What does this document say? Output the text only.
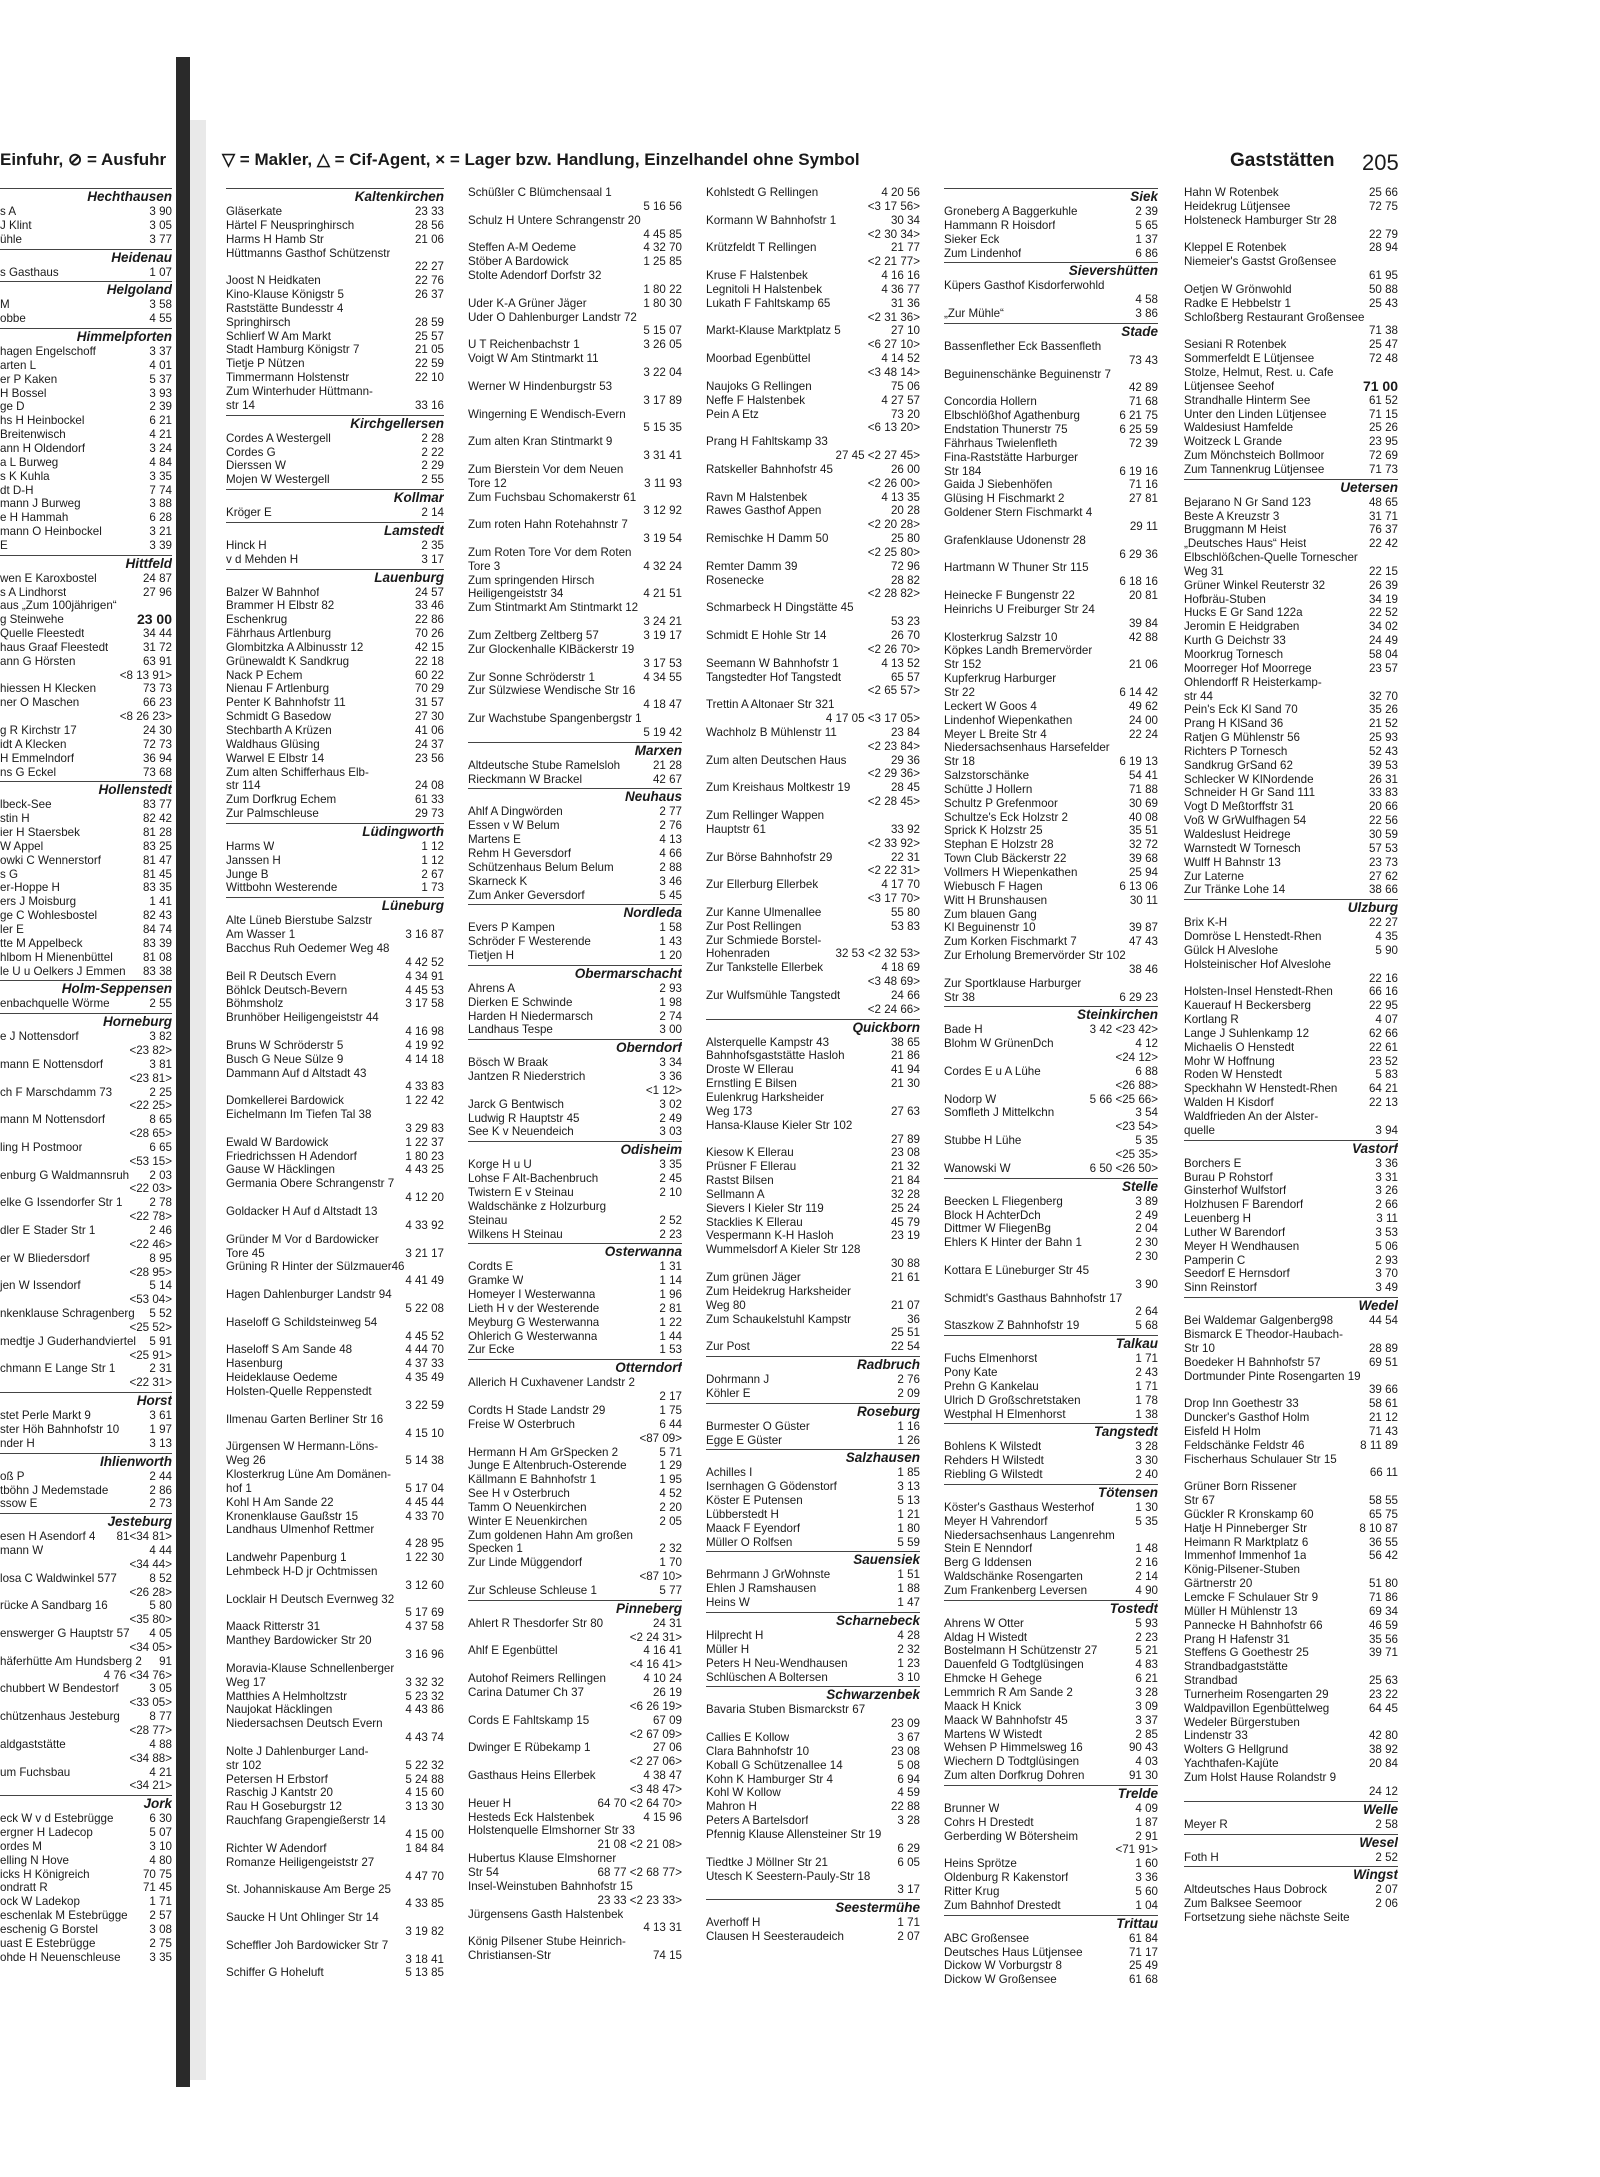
Einfuhr, ⊘ = Ausfuhr	▽ = Makler, △ = Cif-Agent, × = Lager bzw. Handlung, Einzelhandel ohne Symbol	Gaststätten 205
Hechthausen
s A	3 90
J Klint	3 05
ühle	3 77
Heidenau
s Gasthaus	1 07
Helgoland
M	3 58
obbe	4 55
Himmelpforten
hagen Engelschoff	3 37
arten L	4 01
er P Kaken	5 37
H Bossel	3 93
ge D	2 39
hs H Heinbockel	6 21
Breitenwisch	4 21
ann H Oldendorf	3 24
a L Burweg	4 84
s K Kuhla	3 35
dt D-H	7 74
mann J Burweg	3 88
e H Hammah	6 28
mann O Heinbockel	3 21
E	3 39
Hittfeld
wen E Karoxbostel	24 87
s A Lindhorst	27 96
aus „Zum 100jährigen“
g Steinwehe	23 00
Quelle Fleestedt	34 44
haus Graaf Fleestedt	31 72
ann G Hörsten	63 91
<8 13 91>
hiessen H Klecken	73 73
ner O Maschen	66 23
<8 26 23>
g R Kirchstr 17	24 30
idt A Klecken	72 73
H Emmelndorf	36 94
ns G Eckel	73 68
Hollenstedt
lbeck-See	83 77
stin H	82 42
ier H Staersbek	81 28
W Appel	83 25
owki C Wennerstorf	81 47
s G	81 45
er-Hoppe H	83 35
ers J Moisburg	1 41
ge C Wohlesbostel	82 43
ler E	84 74
tte M Appelbeck	83 39
hlbom H Mienenbüttel	81 08
le U u Oelkers J Emmen	83 38
Holm-Seppensen
enbachquelle Wörme	2 55
Horneburg
e J Nottensdorf	3 82
<23 82>
mann E Nottensdorf	3 81
<23 81>
ch F Marschdamm 73	2 25
<22 25>
mann M Nottensdorf	8 65
<28 65>
ling H Postmoor	6 65
<53 15>
enburg G Waldmannsruh	2 03
<22 03>
elke G Issendorfer Str 1	2 78
<22 78>
dler E Stader Str 1	2 46
<22 46>
er W Bliedersdorf	8 95
<28 95>
jen W Issendorf	5 14
<53 04>
nkenklause Schragenberg	5 52
<25 52>
medtje J Guderhandviertel	5 91
<25 91>
chmann E Lange Str 1	2 31
<22 31>
Horst
stet Perle Markt 9	3 61
ster Höh Bahnhofstr 10	1 97
nder H	3 13
Ihlienworth
oß P	2 44
tböhn J Medemstade	2 86
ssow E	2 73
Jesteburg
esen H Asendorf 4	81<34 81>
mann W	4 44
<34 44>
losa C Waldwinkel 577	8 52
<26 28>
rücke A Sandbarg 16	5 80
<35 80>
enswerger G Hauptstr 57	4 05
<34 05>
häferhütte Am Hundsberg 2	91
4 76 <34 76>
chubbert W Bendestorf	3 05
<33 05>
chützenhaus Jesteburg	8 77
<28 77>
aldgaststätte	4 88
<34 88>
um Fuchsbau	4 21
<34 21>
Jork
eck W v d Estebrügge	6 30
ergner H Ladecop	5 07
ordes M	3 10
elling N Hove	4 80
icks H Königreich	70 75
ondratt R	71 45
ock W Ladekop	1 71
eschenlak M Estebrügge	2 57
eschenig G Borstel	3 08
uast E Estebrügge	2 75
ohde H Neuenschleuse	3 35
Kaltenkirchen
Gläserkate	23 33
Härtel F Neuspringhirsch	28 56
Harms H Hamb Str	21 06
Hüttmanns Gasthof Schützenstr
22 27
Joost N Heidkaten	22 76
Kino-Klause Königstr 5	26 37
Raststätte Bundesstr 4
Springhirsch	28 59
Schlierf W Am Markt	25 57
Stadt Hamburg Königstr 7	21 05
Tietje P Nützen	22 59
Timmermann Holstenstr	22 10
Zum Winterhuder Hüttmann-
str 14	33 16
Kirchgellersen
Cordes A Westergell	2 28
Cordes G	2 22
Dierssen W	2 29
Mojen W Westergell	2 55
Kollmar
Kröger E	2 14
Lamstedt
Hinck H	2 35
v d Mehden H	3 17
Lauenburg
Balzer W Bahnhof	24 57
Brammer H Elbstr 82	33 46
Eschenkrug	22 86
Fährhaus Artlenburg	70 26
Glombitzka A Albinusstr 12	42 15
Grünewaldt K Sandkrug	22 18
Nack P Echem	60 22
Nienau F Artlenburg	70 29
Penter K Bahnhofstr 11	31 57
Schmidt G Basedow	27 30
Stechbarth A Krüzen	41 06
Waldhaus Glüsing	24 37
Warwel E Elbstr 14	23 56
Zum alten Schifferhaus Elb-
str 114	24 08
Zum Dorfkrug Echem	61 33
Zur Palmschleuse	29 73
Lüdingworth
Harms W	1 12
Janssen H	1 12
Junge B	2 67
Wittbohn Westerende	1 73
Lüneburg
Alte Lüneb Bierstube Salzstr
Am Wasser 1	3 16 87
Bacchus Ruh Oedemer Weg 48
4 42 52
Beil R Deutsch Evern	4 34 91
Böhlck Deutsch-Bevern	4 45 53
Böhmsholz	3 17 58
Brunhöber Heiligengeiststr 44
4 16 98
Bruns W Schröderstr 5	4 19 92
Busch G Neue Sülze 9	4 14 18
Dammann Auf d Altstadt 43
4 33 83
Domkellerei Bardowick	1 22 42
Eichelmann Im Tiefen Tal 38
3 29 83
Ewald W Bardowick	1 22 37
Friedrichssen H Adendorf	1 80 23
Gause W Häcklingen	4 43 25
Germania Obere Schrangenstr 7
4 12 20
Goldacker H Auf d Altstadt 13
4 33 92
Gründer M Vor d Bardowicker
Tore 45	3 21 17
Grüning R Hinter der Sülzmauer46
4 41 49
Hagen Dahlenburger Landstr 94
5 22 08
Haseloff G Schildsteinweg 54
4 45 52
Haseloff S Am Sande 48	4 44 70
Hasenburg	4 37 33
Heideklause Oedeme	4 35 49
Holsten-Quelle Reppenstedt
3 22 59
Ilmenau Garten Berliner Str 16
4 15 10
Jürgensen W Hermann-Löns-
Weg 26	5 14 38
Klosterkrug Lüne Am Domänen-
hof 1	5 17 04
Kohl H Am Sande 22	4 45 44
Kronenklause Gaußstr 15	4 33 70
Landhaus Ulmenhof Rettmer
4 28 95
Landwehr Papenburg 1	1 22 30
Lehmbeck H-D jr Ochtmissen
3 12 60
Locklair H Deutsch Evernweg 32
5 17 69
Maack Ritterstr 31	4 37 58
Manthey Bardowicker Str 20
3 16 96
Moravia-Klause Schnellenberger
Weg 17	3 32 32
Matthies A Helmholtzstr	5 23 32
Naujokat Häcklingen	4 43 86
Niedersachsen Deutsch Evern
4 43 74
Nolte J Dahlenburger Land-
str 102	5 22 32
Petersen H Erbstorf	5 24 88
Raschig J Kantstr 20	4 15 60
Rau H Goseburgstr 12	3 13 30
Rauchfang Grapengießerstr 14
4 15 00
Richter W Adendorf	1 84 84
Romanze Heiligengeiststr 27
4 47 70
St. Johanniskause Am Berge 25
4 33 85
Saucke H Unt Ohlinger Str 14
3 19 82
Scheffler Joh Bardowicker Str 7
3 18 41
Schiffer G Hoheluft	5 13 85
Schüßler C Blümchensaal 1
5 16 56
Schulz H Untere Schrangenstr 20
4 45 85
Steffen A-M Oedeme	4 32 70
Stöber A Bardowick	1 25 85
Stolte Adendorf Dorfstr 32
1 80 22
Uder K-A Grüner Jäger	1 80 30
Uder O Dahlenburger Landstr 72
5 15 07
U T Reichenbachstr 1	3 26 05
Voigt W Am Stintmarkt 11
3 22 04
Werner W Hindenburgstr 53
3 17 89
Wingerning E Wendisch-Evern
5 15 35
Zum alten Kran Stintmarkt 9
3 31 41
Zum Bierstein Vor dem Neuen
Tore 12	3 11 93
Zum Fuchsbau Schomakerstr 61
3 12 92
Zum roten Hahn Rotehahnstr 7
3 19 54
Zum Roten Tore Vor dem Roten
Tore 3	4 32 24
Zum springenden Hirsch
Heiligengeiststr 34	4 21 51
Zum Stintmarkt Am Stintmarkt 12
3 24 21
Zum Zeltberg Zeltberg 57	3 19 17
Zur Glockenhalle KlBäckerstr 19
3 17 53
Zur Sonne Schröderstr 1	4 34 55
Zur Sülzwiese Wendische Str 16
4 18 47
Zur Wachstube Spangenbergstr 1
5 19 42
Marxen
Altdeutsche Stube Ramelsloh	21 28
Rieckmann W Brackel	42 67
Neuhaus
Ahlf A Dingwörden	2 77
Essen v W Belum	2 76
Martens E	4 13
Rehm H Geversdorf	4 66
Schützenhaus Belum Belum	2 88
Skarneck K	3 46
Zum Anker Geversdorf	5 45
Nordleda
Evers P Kampen	1 58
Schröder F Westerende	1 43
Tietjen H	1 20
Obermarschacht
Ahrens A	2 93
Dierken E Schwinde	1 98
Harden H Niedermarsch	2 74
Landhaus Tespe	3 00
Oberndorf
Bösch W Braak	3 34
Jantzen R Niederstrich	3 36
<1 12>
Jarck G Bentwisch	3 02
Ludwig R Hauptstr 45	2 49
See K v Neuendeich	3 03
Odisheim
Korge H u U	3 35
Lohse F Alt-Bachenbruch	2 45
Twistern E v Steinau	2 10
Waldschänke z Holzurburg
Steinau	2 52
Wilkens H Steinau	2 23
Osterwanna
Cordts E	1 31
Gramke W	1 14
Homeyer I Westerwanna	1 96
Lieth H v der Westerende	2 81
Meyburg G Westerwanna	1 22
Ohlerich G Westerwanna	1 44
Zur Ecke	1 53
Otterndorf
Allerich H Cuxhavener Landstr 2
2 17
Cordts H Stade Landstr 29	1 75
Freise W Osterbruch	6 44
<87 09>
Hermann H Am GrSpecken 2	5 71
Junge E Altenbruch-Osterende	1 29
Källmann E Bahnhofstr 1	1 95
See H v Osterbruch	4 52
Tamm O Neuenkirchen	2 20
Winter E Neuenkirchen	2 05
Zum goldenen Hahn Am großen
Specken 1	2 32
Zur Linde Müggendorf	1 70
<87 10>
Zur Schleuse Schleuse 1	5 77
Pinneberg
Ahlert R Thesdorfer Str 80	24 31
<2 24 31>
Ahlf E Egenbüttel	4 16 41
<4 16 41>
Autohof Reimers Rellingen	4 10 24
Carina Datumer Ch 37	26 19
<6 26 19>
Cords E Fahltskamp 15	67 09
<2 67 09>
Dwinger E Rübekamp 1	27 06
<2 27 06>
Gasthaus Heins Ellerbek	4 38 47
<3 48 47>
Heuer H	64 70 <2 64 70>
Hesteds Eck Halstenbek	4 15 96
Holstenquelle Elmshorner Str 33
21 08 <2 21 08>
Hubertus Klause Elmshorner
Str 54	68 77 <2 68 77>
Insel-Weinstuben Bahnhofstr 15
23 33 <2 23 33>
Jürgensens Gasth Halstenbek
4 13 31
König Pilsener Stube Heinrich-
Christiansen-Str	74 15
Kohlstedt G Rellingen	4 20 56
<3 17 56>
Kormann W Bahnhofstr 1	30 34
<2 30 34>
Krützfeldt T Rellingen	21 77
<2 21 77>
Kruse F Halstenbek	4 16 16
Legnitoli H Halstenbek	4 36 77
Lukath F Fahltskamp 65	31 36
<2 31 36>
Markt-Klause Marktplatz 5	27 10
<6 27 10>
Moorbad Egenbüttel	4 14 52
<3 48 14>
Naujoks G Rellingen	75 06
Neffe F Halstenbek	4 27 57
Pein A Etz	73 20
<6 13 20>
Prang H Fahltskamp 33
27 45 <2 27 45>
Ratskeller Bahnhofstr 45	26 00
<2 26 00>
Ravn M Halstenbek	4 13 35
Rawes Gasthof Appen	20 28
<2 20 28>
Remischke H Damm 50	25 80
<2 25 80>
Remter Damm 39	72 96
Rosenecke	28 82
<2 28 82>
Schmarbeck H Dingstätte 45
53 23
Schmidt E Hohle Str 14	26 70
<2 26 70>
Seemann W Bahnhofstr 1	4 13 52
Tangstedter Hof Tangstedt	65 57
<2 65 57>
Trettin A Altonaer Str 321
4 17 05 <3 17 05>
Wachholz B Mühlenstr 11	23 84
<2 23 84>
Zum alten Deutschen Haus	29 36
<2 29 36>
Zum Kreishaus Moltkestr 19	28 45
<2 28 45>
Zum Rellinger Wappen
Hauptstr 61	33 92
<2 33 92>
Zur Börse Bahnhofstr 29	22 31
<2 22 31>
Zur Ellerburg Ellerbek	4 17 70
<3 17 70>
Zur Kanne Ulmenallee	55 80
Zur Post Rellingen	53 83
Zur Schmiede Borstel-
Hohenraden	32 53 <2 32 53>
Zur Tankstelle Ellerbek	4 18 69
<3 48 69>
Zur Wulfsmühle Tangstedt	24 66
<2 24 66>
Quickborn
Alsterquelle Kampstr 43	38 65
Bahnhofsgaststätte Hasloh	21 86
Droste W Ellerau	41 94
Ernstling E Bilsen	21 30
Eulenkrug Harksheider
Weg 173	27 63
Hansa-Klause Kieler Str 102
27 89
Kiesow K Ellerau	23 08
Prüsner F Ellerau	21 32
Rastst Bilsen	21 84
Sellmann A	32 28
Sievers I Kieler Str 119	25 24
Stacklies K Ellerau	45 79
Vespermann K-H Hasloh	23 19
Wummelsdorf A Kieler Str 128
30 88
Zum grünen Jäger	21 61
Zum Heidekrug Harksheider
Weg 80	21 07
Zum Schaukelstuhl Kampstr	36
25 51
Zur Post	22 54
Radbruch
Dohrmann J	2 76
Köhler E	2 09
Roseburg
Burmester O Güster	1 16
Egge E Güster	1 26
Salzhausen
Achilles I	1 85
Isernhagen G Gödenstorf	3 13
Köster E Putensen	5 13
Lübberstedt H	1 21
Maack F Eyendorf	1 80
Müller O Rolfsen	5 59
Sauensiek
Behrmann J GrWohnste	1 51
Ehlen J Ramshausen	1 88
Heins W	1 47
Scharnebeck
Hilprecht H	4 28
Müller H	2 32
Peters H Neu-Wendhausen	1 23
Schlüschen A Boltersen	3 10
Schwarzenbek
Bavaria Stuben Bismarckstr 67
23 09
Callies E Kollow	3 67
Clara Bahnhofstr 10	23 08
Koball G Schützenallee 14	5 08
Kohn K Hamburger Str 4	6 94
Kohl W Kollow	4 59
Mahron H	22 88
Peters A Bartelsdorf	3 28
Pfennig Klause Allensteiner Str 19
6 29
Tiedtke J Möllner Str 21	6 05
Utesch K Seestern-Pauly-Str 18
3 17
Seestermühe
Averhoff H	1 71
Clausen H Seesteraudeich	2 07
Siek
Groneberg A Baggerkuhle	2 39
Hammann R Hoisdorf	5 65
Sieker Eck	1 37
Zum Lindenhof	6 86
Sievershütten
Küpers Gasthof Kisdorferwohld
4 58
„Zur Mühle“	3 86
Stade
Bassenflether Eck Bassenfleth
73 43
Beguinenschänke Beguinenstr 7
42 89
Concordia Hollern	71 68
Elbschlößhof Agathenburg	6 21 75
Endstation Thunerstr 75	6 25 59
Fährhaus Twielenfleth	72 39
Fina-Raststätte Harburger
Str 184	6 19 16
Gaida J Siebenhöfen	71 16
Glüsing H Fischmarkt 2	27 81
Goldener Stern Fischmarkt 4
29 11
Grafenklause Udonenstr 28
6 29 36
Hartmann W Thuner Str 115
6 18 16
Heinecke F Bungenstr 22	20 81
Heinrichs U Freiburger Str 24
39 84
Klosterkrug Salzstr 10	42 88
Köpkes Landh Bremervörder
Str 152	21 06
Kupferkrug Harburger
Str 22	6 14 42
Leckert W Goos 4	49 62
Lindenhof Wiepenkathen	24 00
Meyer L Breite Str 4	22 24
Niedersachsenhaus Harsefelder
Str 18	6 19 13
Salzstorschänke	54 41
Schütte J Hollern	71 88
Schultz P Grefenmoor	30 69
Schultze's Eck Holzstr 2	40 08
Sprick K Holzstr 25	35 51
Stephan E Holzstr 28	32 72
Town Club Bäckerstr 22	39 68
Vollmers H Wiepenkathen	25 94
Wiebusch F Hagen	6 13 06
Witt H Brunshausen	30 11
Zum blauen Gang
Kl Beguinenstr 10	39 87
Zum Korken Fischmarkt 7	47 43
Zur Erholung Bremervörder Str 102
38 46
Zur Sportklause Harburger
Str 38	6 29 23
Steinkirchen
Bade H	3 42 <23 42>
Blohm W GrünenDch	4 12
<24 12>
Cordes E u A Lühe	6 88
<26 88>
Nodorp W	5 66 <25 66>
Somfleth J Mittelkchn	3 54
<23 54>
Stubbe H Lühe	5 35
<25 35>
Wanowski W	6 50 <26 50>
Stelle
Beecken L Fliegenberg	3 89
Block H AchterDch	2 49
Dittmer W FliegenBg	2 04
Ehlers K Hinter der Bahn 1	2 30
2 30
Kottara E Lüneburger Str 45
3 90
Schmidt's Gasthaus Bahnhofstr 17
2 64
Staszkow Z Bahnhofstr 19	5 68
Talkau
Fuchs Elmenhorst	1 71
Pony Kate	2 43
Prehn G Kankelau	1 71
Ulrich D Großschretstaken	1 78
Westphal H Elmenhorst	1 38
Tangstedt
Bohlens K Wilstedt	3 28
Rehders H Wilstedt	3 30
Riebling G Wilstedt	2 40
Tötensen
Köster's Gasthaus Westerhof	1 30
Meyer H Vahrendorf	5 35
Niedersachsenhaus Langenrehm
Stein E Nenndorf	1 48
Berg G Iddensen	2 16
Waldschänke Rosengarten	2 14
Zum Frankenberg Leversen	4 90
Tostedt
Ahrens W Otter	5 93
Aldag H Wistedt	2 23
Bostelmann H Schützenstr 27	5 21
Dauenfeld G Todtglüsingen	4 83
Ehmcke H Gehege	6 21
Lemmrich R Am Sande 2	3 28
Maack H Knick	3 09
Maack W Bahnhofstr 45	3 37
Martens W Wistedt	2 85
Wehsen P Himmelsweg 16	90 43
Wiechern D Todtglüsingen	4 03
Zum alten Dorfkrug Dohren	91 30
Trelde
Brunner W	4 09
Cohrs H Drestedt	1 87
Gerberding W Bötersheim	2 91
<71 91>
Heins Sprötze	1 60
Oldenburg R Kakenstorf	3 36
Ritter Krug	5 60
Zum Bahnhof Drestedt	1 04
Trittau
ABC Großensee	61 84
Deutsches Haus Lütjensee	71 17
Dickow W Vorburgstr 8	25 49
Dickow W Großensee	61 68
Hahn W Rotenbek	25 66
Heidekrug Lütjensee	72 75
Holsteneck Hamburger Str 28
22 79
Kleppel E Rotenbek	28 94
Niemeier's Gastst Großensee
61 95
Oetjen W Grönwohld	50 88
Radke E Hebbelstr 1	25 43
Schloßberg Restaurant Großensee
71 38
Sesiani R Rotenbek	25 47
Sommerfeldt E Lütjensee	72 48
Stolze, Helmut, Rest. u. Cafe
Lütjensee Seehof	71 00
Strandhalle Hinterm See	61 52
Unter den Linden Lütjensee	71 15
Waldesiust Hamfelde	25 26
Woitzeck L Grande	23 95
Zum Mönchsteich Bollmoor	72 69
Zum Tannenkrug Lütjensee	71 73
Uetersen
Bejarano N Gr Sand 123	48 65
Beste A Kreuzstr 3	31 71
Bruggmann M Heist	76 37
„Deutsches Haus“ Heist	22 42
Elbschlößchen-Quelle Tornescher
Weg 31	22 15
Grüner Winkel Reuterstr 32	26 39
Hofbräu-Stuben	34 19
Hucks E Gr Sand 122a	22 52
Jeromin E Heidgraben	34 02
Kurth G Deichstr 33	24 49
Moorkrug Tornesch	58 04
Moorreger Hof Moorrege	23 57
Ohlendorff R Heisterkamp-
str 44	32 70
Pein's Eck Kl Sand 70	35 26
Prang H KlSand 36	21 52
Ratjen G Mühlenstr 56	25 93
Richters P Tornesch	52 43
Sandkrug GrSand 62	39 53
Schlecker W KlNordende	26 31
Schneider H Gr Sand 111	33 83
Vogt D Meßtorffstr 31	20 66
Voß W GrWulfhagen 54	22 56
Waldeslust Heidrege	30 59
Warnstedt W Tornesch	57 53
Wulff H Bahnstr 13	23 73
Zur Laterne	27 62
Zur Tränke Lohe 14	38 66
Ulzburg
Brix K-H	22 27
Domröse L Henstedt-Rhen	4 35
Gülck H Alveslohe	5 90
Holsteinischer Hof Alveslohe
22 16
Holsten-Insel Henstedt-Rhen	66 16
Kauerauf H Beckersberg	22 95
Kortlang R	4 07
Lange J Suhlenkamp 12	62 66
Michaelis O Henstedt	22 61
Mohr W Hoffnung	23 52
Roden W Henstedt	5 83
Speckhahn W Henstedt-Rhen	64 21
Walden H Kisdorf	22 13
Waldfrieden An der Alster-
quelle	3 94
Vastorf
Borchers E	3 36
Burau P Rohstorf	3 31
Ginsterhof Wulfstorf	3 26
Holzhusen F Barendorf	2 66
Leuenberg H	3 11
Luther W Barendorf	3 53
Meyer H Wendhausen	5 06
Pamperin C	2 93
Seedorf E Hernsdorf	3 70
Sinn Reinstorf	3 49
Wedel
Bei Waldemar Galgenberg98	44 54
Bismarck E Theodor-Haubach-
Str 10	28 89
Boedeker H Bahnhofstr 57	69 51
Dortmunder Pinte Rosengarten 19
39 66
Drop Inn Goethestr 33	58 61
Duncker's Gasthof Holm	21 12
Eisfeld H Holm	71 43
Feldschänke Feldstr 46	8 11 89
Fischerhaus Schulauer Str 15
66 11
Grüner Born Rissener
Str 67	58 55
Gückler R Kronskamp 60	65 75
Hatje H Pinneberger Str	8 10 87
Heimann R Marktplatz 6	36 55
Immenhof Immenhof 1a	56 42
König-Pilsener-Stuben
Gärtnerstr 20	51 80
Lemcke F Schulauer Str 9	71 86
Müller H Mühlenstr 13	69 34
Pannecke H Bahnhofstr 66	46 59
Prang H Hafenstr 31	35 56
Steffens G Goethestr 25	39 71
Strandbadgaststätte
Strandbad	25 63
Turnerheim Rosengarten 29	23 22
Waldpavillon Egenbüttelweg	64 45
Wedeler Bürgerstuben
Lindenstr 33	42 80
Wolters G Hellgrund	38 92
Yachthafen-Kajüte	20 84
Zum Holst Hause Rolandstr 9
24 12
Welle
Meyer R	2 58
Wesel
Foth H	2 52
Wingst
Altdeutsches Haus Dobrock	2 07
Zum Balksee Seemoor	2 06
Fortsetzung siehe nächste Seite
